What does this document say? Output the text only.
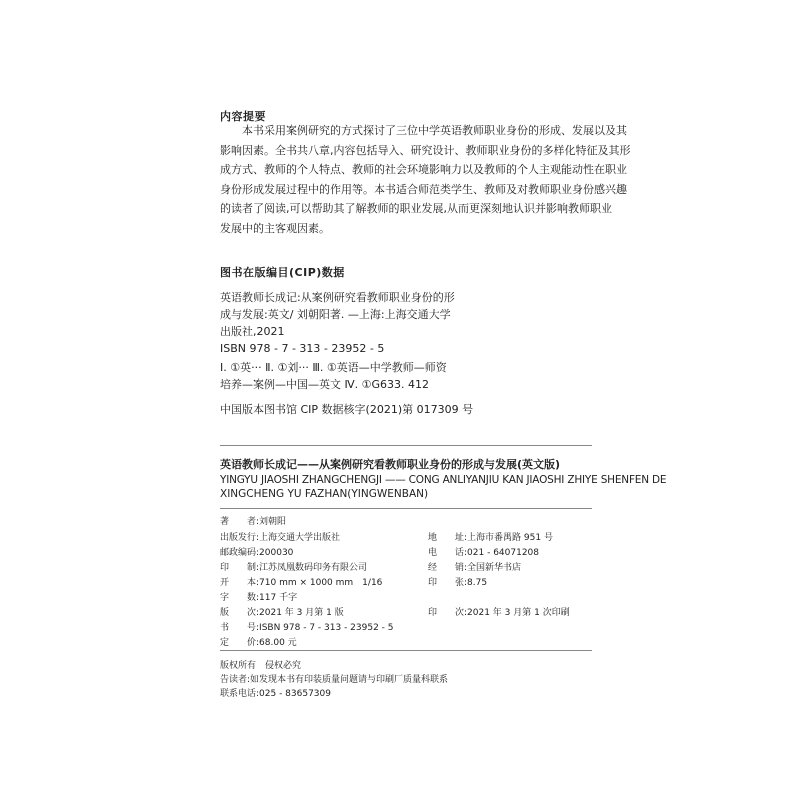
内容提要
本书采用案例研究的方式探讨了三位中学英语教师职业身份的形成、发展以及其
影响因素。全书共八章,内容包括导入、研究设计、教师职业身份的多样化特征及其形
成方式、教师的个人特点、教师的社会环境影响力以及教师的个人主观能动性在职业
身份形成发展过程中的作用等。本书适合师范类学生、教师及对教师职业身份感兴趣
的读者了阅读,可以帮助其了解教师的职业发展,从而更深刻地认识并影响教师职业
发展中的主客观因素。
图书在版编目(CIP)数据
英语教师长成记:从案例研究看教师职业身份的形
成与发展:英文/ 刘朝阳著. —上海:上海交通大学
出版社,2021
ISBN 978 - 7 - 313 - 23952 - 5
Ⅰ. ①英··· Ⅱ. ①刘··· Ⅲ. ①英语—中学教师—师资
培养—案例—中国—英文 Ⅳ. ①G633. 412
中国版本图书馆 CIP 数据核字(2021)第 017309 号
英语教师长成记——从案例研究看教师职业身份的形成与发展(英文版)
YINGYU JIAOSHI ZHANGCHENGJI —— CONG ANLIYANJIU KAN JIAOSHI ZHIYE SHENFEN DE
XINGCHENG YU FAZHAN(YINGWENBAN)
著　　者:刘朝阳
出版发行:上海交通大学出版社
邮政编码:200030
印　　制:江苏凤凰数码印务有限公司
开　　本:710 mm × 1000 mm　1/16
字　　数:117 千字
版　　次:2021 年 3 月第 1 版
书　　号:ISBN 978 - 7 - 313 - 23952 - 5
定　　价:68.00 元
地　　址:上海市番禺路 951 号
电　　话:021 - 64071208
经　　销:全国新华书店
印　　张:8.75
印　　次:2021 年 3 月第 1 次印刷
版权所有　侵权必究
告读者:如发现本书有印装质量问题请与印刷厂质量科联系
联系电话:025 - 83657309
